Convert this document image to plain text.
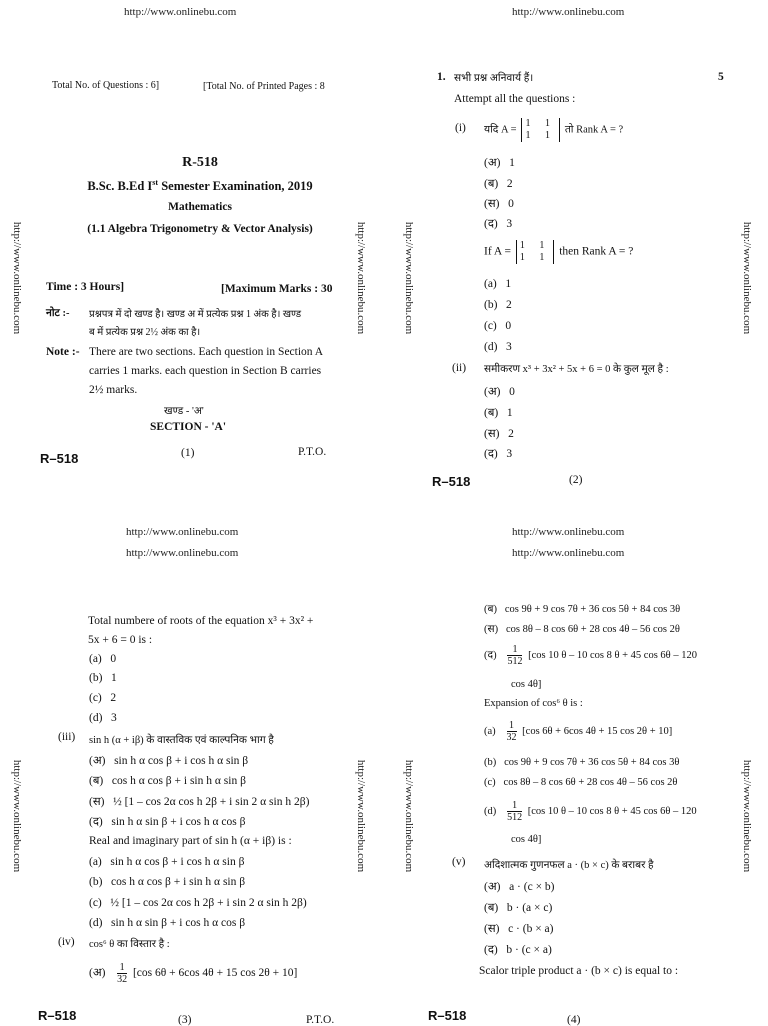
http://www.onlinebu.com
Total No. of Questions : 6]	[Total No. of Printed Pages : 8
R-518
B.Sc. B.Ed Ist Semester Examination, 2019
Mathematics
(1.1 Algebra Trigonometry & Vector Analysis)
Time : 3 Hours]	[Maximum Marks : 30
नोट :- प्रश्नपत्र में दो खण्ड है। खण्ड अ में प्रत्येक प्रश्न 1 अंक है। खण्ड
ब में प्रत्येक प्रश्न 2½ अंक का है।
Note :- There are two sections. Each question in Section A
carries 1 marks. each question in Section B carries
2½ marks.
खण्ड - 'अ'
SECTION - 'A'
R–518	(1)	P.T.O.
http://www.onlinebu.com
1. सभी प्रश्न अनिवार्य हैं।	5
Attempt all the questions :
(i) यदि A =
1 1
1 1 तो Rank A = ?
(अ) 1
(ब) 2
(स) 0
(द) 3
If A =
1 1
1 1 then Rank A = ?
(a) 1
(b) 2
(c) 0
(d) 3
(ii) समीकरण x³ + 3x² + 5x + 6 = 0 के कुल मूल है :
(अ) 0
(ब) 1
(स) 2
(द) 3
R–518	(2)
http://www.onlinebu.com
http://www.onlinebu.com
Total numbere of roots of the equation x³ + 3x² +
5x + 6 = 0 is :
(a) 0
(b) 1
(c) 2
(d) 3
(iii) sin h (α + iβ) के वास्तविक एवं काल्पनिक भाग है
(अ) sin h α cos β + i cos h α sin β
(ब) cos h α cos β + i sin h α sin β
(स) ½ [1 – cos 2α cos h 2β + i sin 2 α sin h 2β)
(द) sin h α sin β + i cos h α cos β
Real and imaginary part of sin h (α + iβ) is :
(a) sin h α cos β + i cos h α sin β
(b) cos h α cos β + i sin h α sin β
(c) ½ [1 – cos 2α cos h 2β + i sin 2 α sin h 2β)
(d) sin h α sin β + i cos h α cos β
(iv) cos⁶ θ का विस्तार है :
(अ) $\frac{1}{32} [\cos$ 6θ + 6cos 4θ + 15 cos 2θ + 10]
R–518	(3)	P.T.O.
http://www.onlinebu.com
http://www.onlinebu.com
(ब) cos 9θ + 9 cos 7θ + 36 cos 5θ + 84 cos 3θ
(स) cos 8θ – 8 cos 6θ + 28 cos 4θ – 56 cos 2θ
(द) $\frac{1}{512} [\cos$ 10 θ – 10 cos 8 θ + 45 cos 6θ – 120
cos 4θ]
Expansion of cos⁶ θ is :
$(a) \frac{1}{32} [\cos$ 6θ + 6cos 4θ + 15 cos 2θ + 10]
(b) cos 9θ + 9 cos 7θ + 36 cos 5θ + 84 cos 3θ
(c) cos 8θ – 8 cos 6θ + 28 cos 4θ – 56 cos 2θ
$(d) \frac{1}{512} [\cos$ 10 θ – 10 cos 8 θ + 45 cos 6θ – 120
cos 4θ]
(v) अदिशात्मक गुणनफल a · (b × c) के बराबर है
(अ) a · (c × b)
(ब) b · (a × c)
(स) c · (b × a)
(द) b · (c × a)
Scalor triple product a · (b × c) is equal to :
R–518	(4)
http://www.onlinebu.com	http://www.onlinebu.com	http://www.onlinebu.com	http://www.onlinebu.com
http://www.onlinebu.com	http://www.onlinebu.com	http://www.onlinebu.com	http://www.onlinebu.com
